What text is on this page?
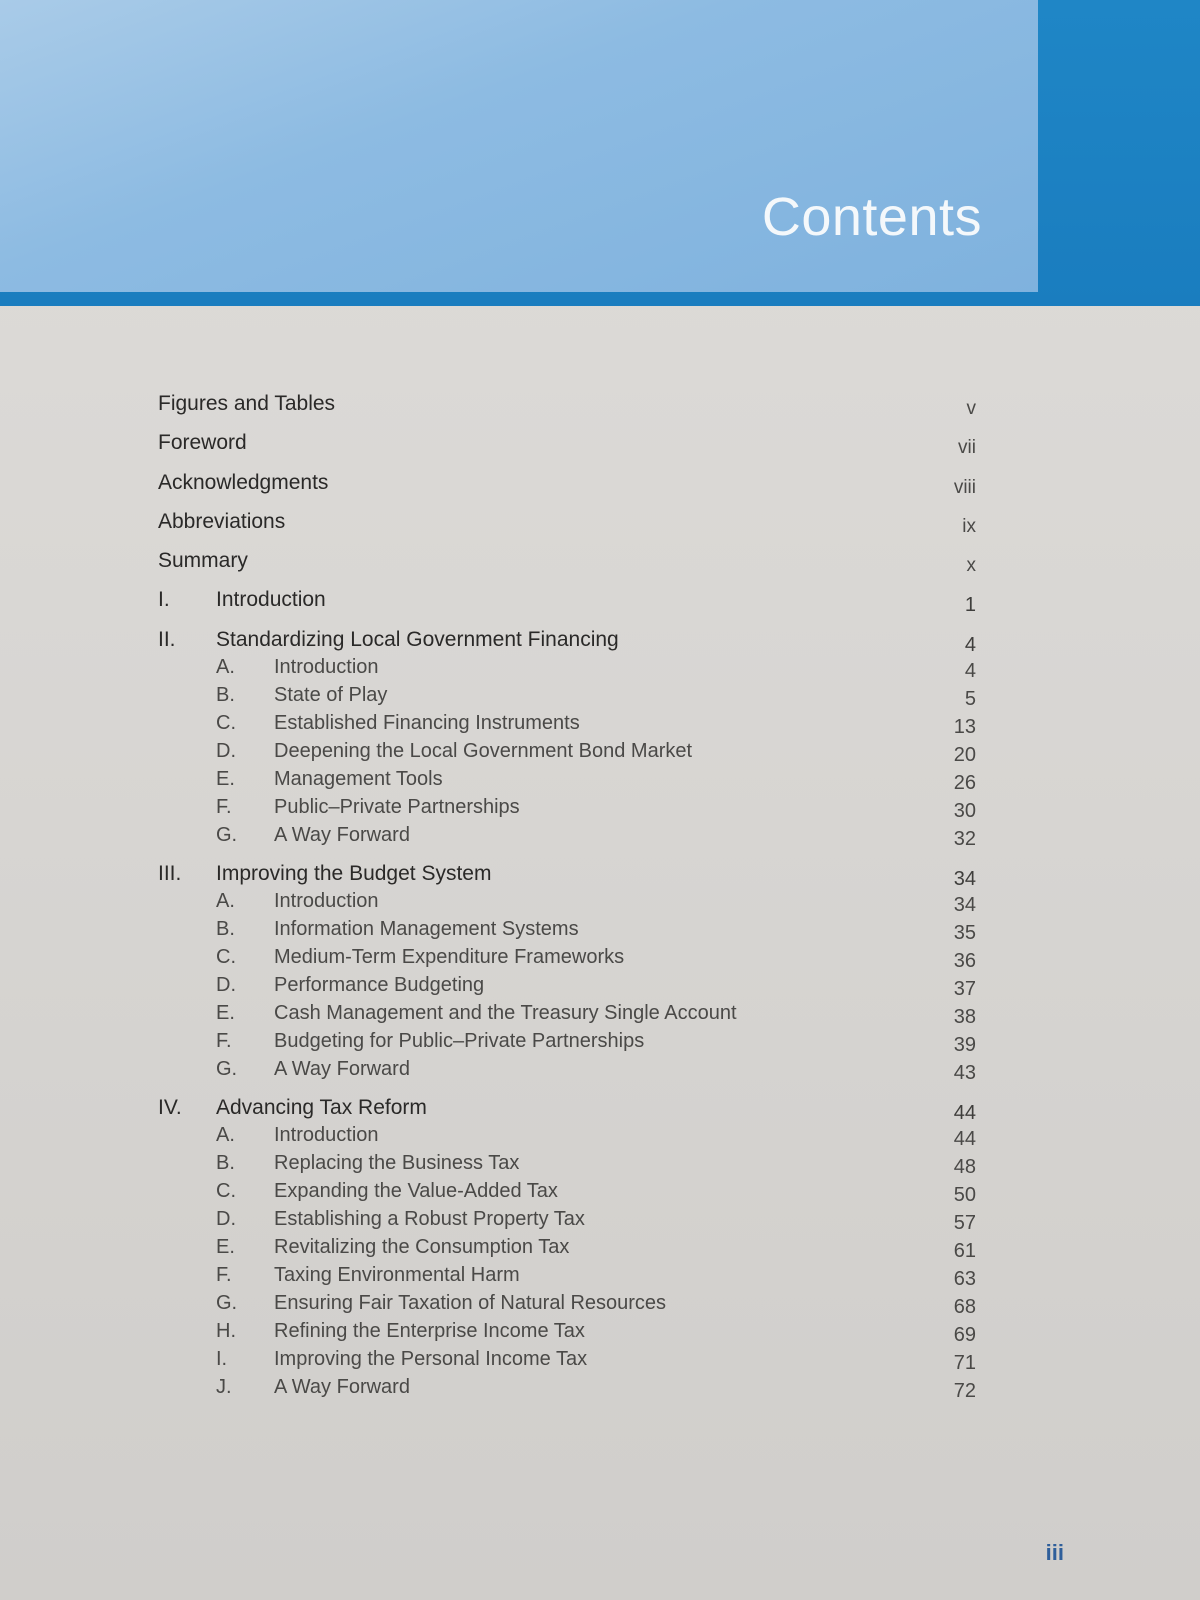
Contents
Figures and Tables	v
Foreword	vii
Acknowledgments	viii
Abbreviations	ix
Summary	x
I. Introduction	1
II. Standardizing Local Government Financing	4
A. Introduction	4
B. State of Play	5
C. Established Financing Instruments	13
D. Deepening the Local Government Bond Market	20
E. Management Tools	26
F. Public–Private Partnerships	30
G. A Way Forward	32
III. Improving the Budget System	34
A. Introduction	34
B. Information Management Systems	35
C. Medium-Term Expenditure Frameworks	36
D. Performance Budgeting	37
E. Cash Management and the Treasury Single Account	38
F. Budgeting for Public–Private Partnerships	39
G. A Way Forward	43
IV. Advancing Tax Reform	44
A. Introduction	44
B. Replacing the Business Tax	48
C. Expanding the Value-Added Tax	50
D. Establishing a Robust Property Tax	57
E. Revitalizing the Consumption Tax	61
F. Taxing Environmental Harm	63
G. Ensuring Fair Taxation of Natural Resources	68
H. Refining the Enterprise Income Tax	69
I. Improving the Personal Income Tax	71
J. A Way Forward	72
iii
